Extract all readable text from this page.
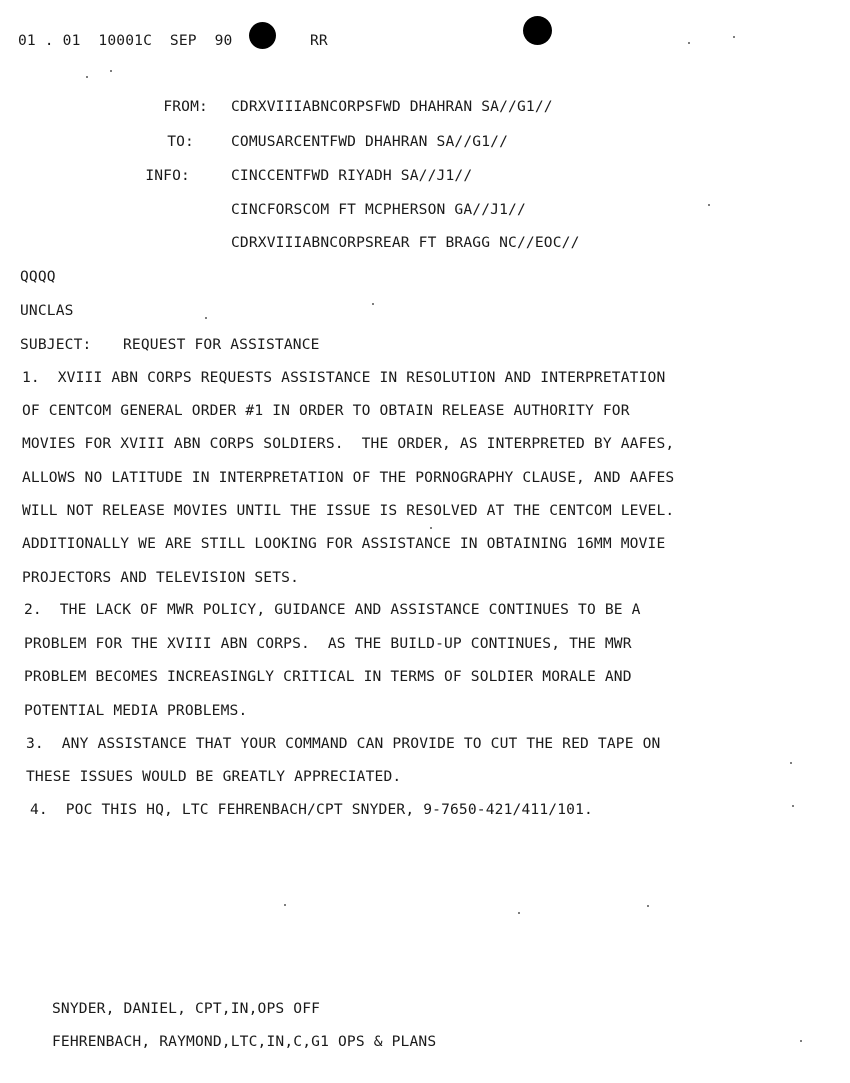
01 . 01  10001C  SEP  90	RR
FROM: CDRXVIIIABNCORPSFWD DHAHRAN SA//G1//
TO:	COMUSARCENTFWD DHAHRAN SA//G1//
INFO:	CINCCENTFWD RIYADH SA//J1//
CINCFORSCOM FT MCPHERSON GA//J1//
CDRXVIIIABNCORPSREAR FT BRAGG NC//EOC//
QQQQ
UNCLAS
SUBJECT: REQUEST FOR ASSISTANCE
1.  XVIII ABN CORPS REQUESTS ASSISTANCE IN RESOLUTION AND INTERPRETATION
OF CENTCOM GENERAL ORDER #1 IN ORDER TO OBTAIN RELEASE AUTHORITY FOR
MOVIES FOR XVIII ABN CORPS SOLDIERS.  THE ORDER, AS INTERPRETED BY AAFES,
ALLOWS NO LATITUDE IN INTERPRETATION OF THE PORNOGRAPHY CLAUSE, AND AAFES
WILL NOT RELEASE MOVIES UNTIL THE ISSUE IS RESOLVED AT THE CENTCOM LEVEL.
ADDITIONALLY WE ARE STILL LOOKING FOR ASSISTANCE IN OBTAINING 16MM MOVIE
PROJECTORS AND TELEVISION SETS.
2.  THE LACK OF MWR POLICY, GUIDANCE AND ASSISTANCE CONTINUES TO BE A
PROBLEM FOR THE XVIII ABN CORPS.  AS THE BUILD-UP CONTINUES, THE MWR
PROBLEM BECOMES INCREASINGLY CRITICAL IN TERMS OF SOLDIER MORALE AND
POTENTIAL MEDIA PROBLEMS.
3.  ANY ASSISTANCE THAT YOUR COMMAND CAN PROVIDE TO CUT THE RED TAPE ON
THESE ISSUES WOULD BE GREATLY APPRECIATED.
4.  POC THIS HQ, LTC FEHRENBACH/CPT SNYDER, 9-7650-421/411/101.
SNYDER, DANIEL, CPT,IN,OPS OFF
FEHRENBACH, RAYMOND,LTC,IN,C,G1 OPS & PLANS
